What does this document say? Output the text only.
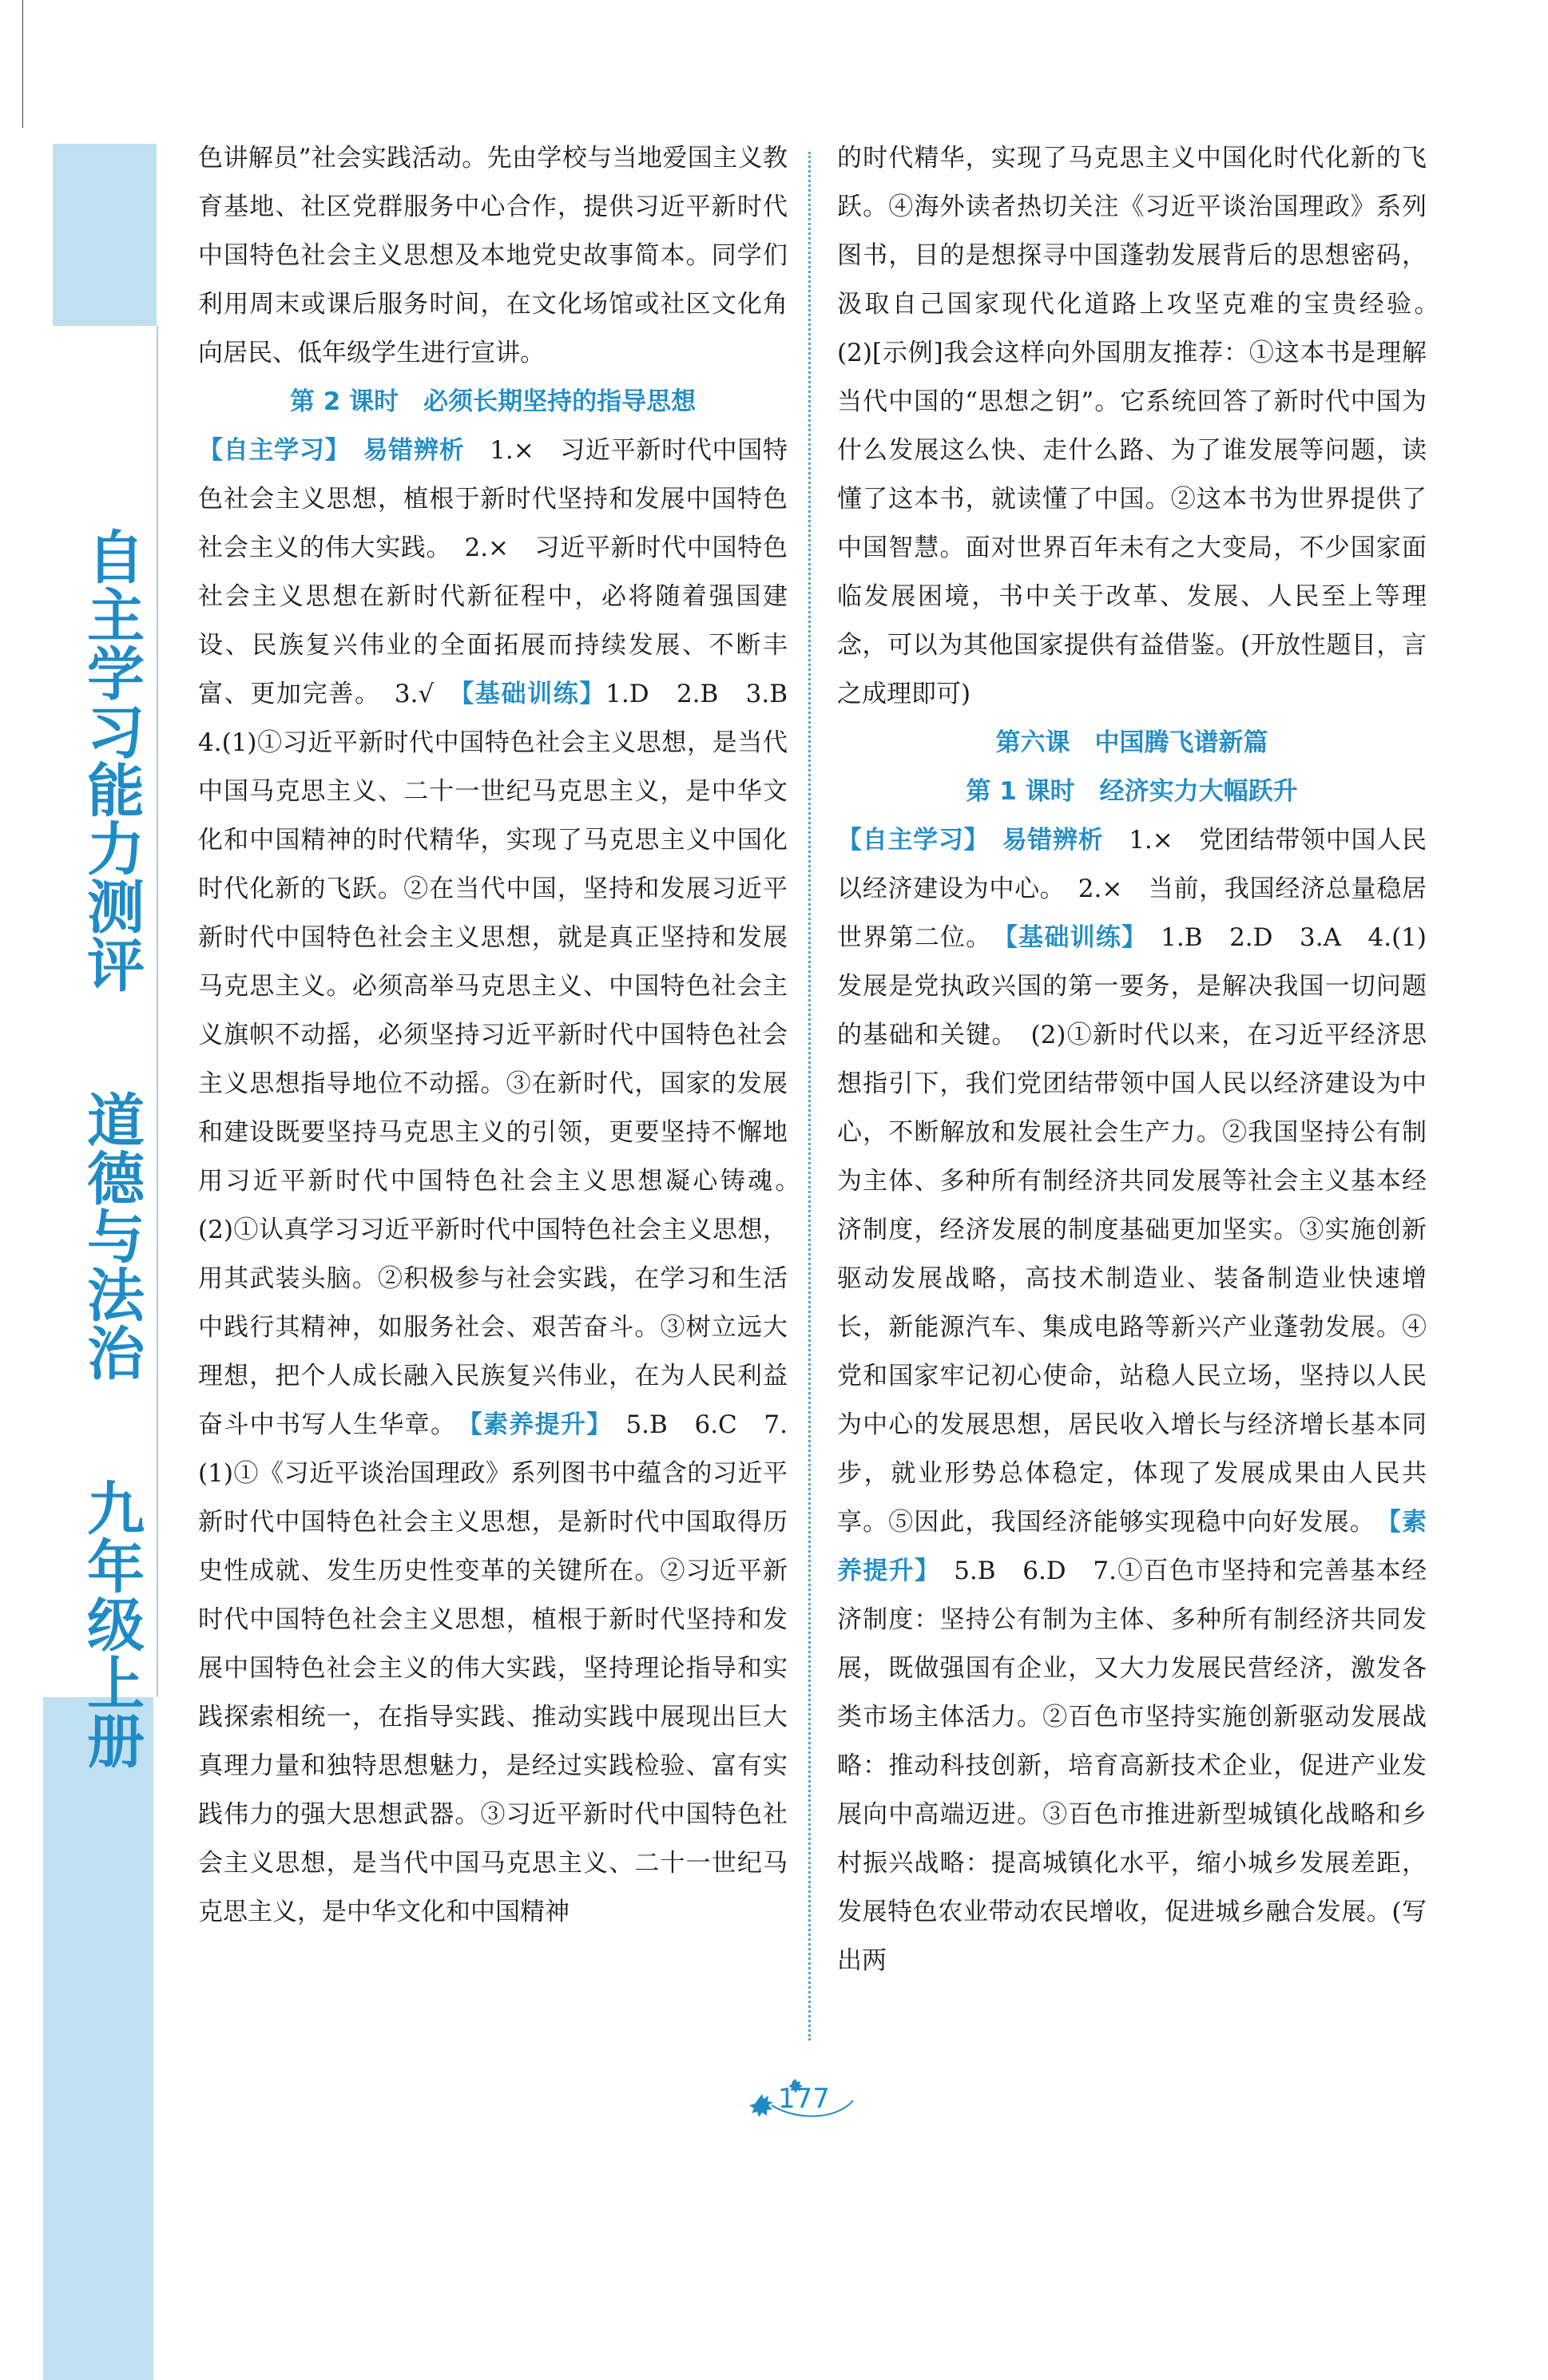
自主学习能力测评 道德与法治 九年级上册

色讲解员”社会实践活动。先由学校与当地爱国主义教育基地、社区党群服务中心合作，提供习近平新时代中国特色社会主义思想及本地党史故事简本。同学们利用周末或课后服务时间，在文化场馆或社区文化角向居民、低年级学生进行宣讲。

第 2 课时　必须长期坚持的指导思想

【自主学习】　易错辨析　1.×　习近平新时代中国特色社会主义思想，植根于新时代坚持和发展中国特色社会主义的伟大实践。　2.×　习近平新时代中国特色社会主义思想在新时代新征程中，必将随着强国建设、民族复兴伟业的全面拓展而持续发展、不断丰富、更加完善。　3.√　【基础训练】1.D　2.B　3.B　4.(1)①习近平新时代中国特色社会主义思想，是当代中国马克思主义、二十一世纪马克思主义，是中华文化和中国精神的时代精华，实现了马克思主义中国化时代化新的飞跃。②在当代中国，坚持和发展习近平新时代中国特色社会主义思想，就是真正坚持和发展马克思主义。必须高举马克思主义、中国特色社会主义旗帜不动摇，必须坚持习近平新时代中国特色社会主义思想指导地位不动摇。③在新时代，国家的发展和建设既要坚持马克思主义的引领，更要坚持不懈地用习近平新时代中国特色社会主义思想凝心铸魂。　(2)①认真学习习近平新时代中国特色社会主义思想，用其武装头脑。②积极参与社会实践，在学习和生活中践行其精神，如服务社会、艰苦奋斗。③树立远大理想，把个人成长融入民族复兴伟业，在为人民利益奋斗中书写人生华章。　【素养提升】　5.B　6.C　7.(1)①《习近平谈治国理政》系列图书中蕴含的习近平新时代中国特色社会主义思想，是新时代中国取得历史性成就、发生历史性变革的关键所在。②习近平新时代中国特色社会主义思想，植根于新时代坚持和发展中国特色社会主义的伟大实践，坚持理论指导和实践探索相统一，在指导实践、推动实践中展现出巨大真理力量和独特思想魅力，是经过实践检验、富有实践伟力的强大思想武器。③习近平新时代中国特色社会主义思想，是当代中国马克思主义、二十一世纪马克思主义，是中华文化和中国精神

的时代精华，实现了马克思主义中国化时代化新的飞跃。④海外读者热切关注《习近平谈治国理政》系列图书，目的是想探寻中国蓬勃发展背后的思想密码，汲取自己国家现代化道路上攻坚克难的宝贵经验。　(2)[示例]我会这样向外国朋友推荐：①这本书是理解当代中国的“思想之钥”。它系统回答了新时代中国为什么发展这么快、走什么路、为了谁发展等问题，读懂了这本书，就读懂了中国。②这本书为世界提供了中国智慧。面对世界百年未有之大变局，不少国家面临发展困境，书中关于改革、发展、人民至上等理念，可以为其他国家提供有益借鉴。(开放性题目，言之成理即可)

第六课　中国腾飞谱新篇

第 1 课时　经济实力大幅跃升

【自主学习】　易错辨析　1.×　党团结带领中国人民以经济建设为中心。　2.×　当前，我国经济总量稳居世界第二位。　【基础训练】　1.B　2.D　3.A　4.(1)发展是党执政兴国的第一要务，是解决我国一切问题的基础和关键。　(2)①新时代以来，在习近平经济思想指引下，我们党团结带领中国人民以经济建设为中心，不断解放和发展社会生产力。②我国坚持公有制为主体、多种所有制经济共同发展等社会主义基本经济制度，经济发展的制度基础更加坚实。③实施创新驱动发展战略，高技术制造业、装备制造业快速增长，新能源汽车、集成电路等新兴产业蓬勃发展。④党和国家牢记初心使命，站稳人民立场，坚持以人民为中心的发展思想，居民收入增长与经济增长基本同步，就业形势总体稳定，体现了发展成果由人民共享。⑤因此，我国经济能够实现稳中向好发展。　【素养提升】　5.B　6.D　7.①百色市坚持和完善基本经济制度：坚持公有制为主体、多种所有制经济共同发展，既做强国有企业，又大力发展民营经济，激发各类市场主体活力。②百色市坚持实施创新驱动发展战略：推动科技创新，培育高新技术企业，促进产业发展向中高端迈进。③百色市推进新型城镇化战略和乡村振兴战略：提高城镇化水平，缩小城乡发展差距，发展特色农业带动农民增收，促进城乡融合发展。(写出两

177
